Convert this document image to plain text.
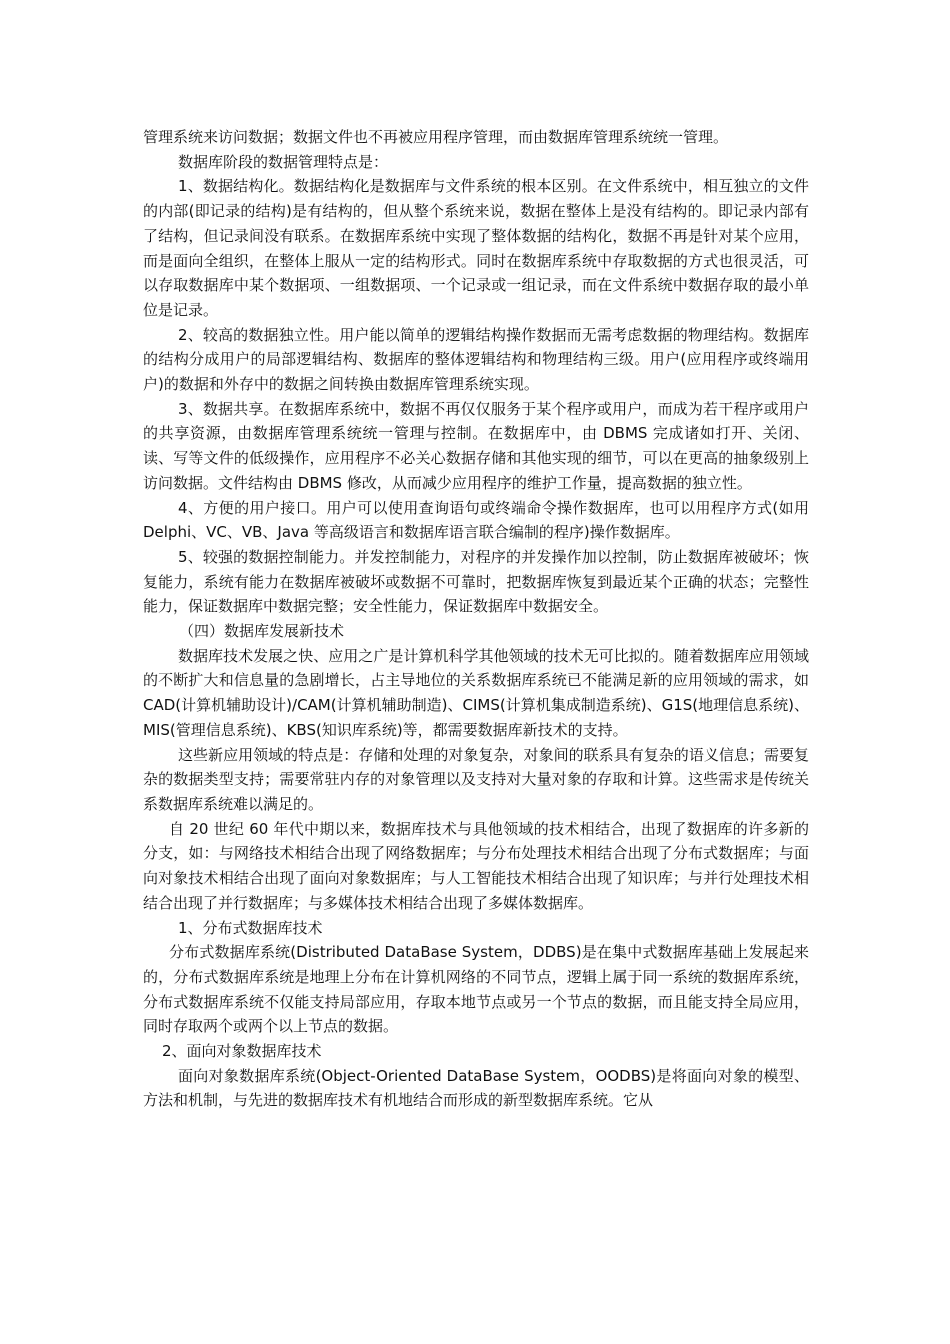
管理系统来访问数据；数据文件也不再被应用程序管理，而由数据库管理系统统一管理。

数据库阶段的数据管理特点是：

1、数据结构化。数据结构化是数据库与文件系统的根本区别。在文件系统中，相互独立的文件的内部(即记录的结构)是有结构的，但从整个系统来说，数据在整体上是没有结构的。即记录内部有了结构，但记录间没有联系。在数据库系统中实现了整体数据的结构化，数据不再是针对某个应用，而是面向全组织，在整体上服从一定的结构形式。同时在数据库系统中存取数据的方式也很灵活，可以存取数据库中某个数据项、一组数据项、一个记录或一组记录，而在文件系统中数据存取的最小单位是记录。

2、较高的数据独立性。用户能以简单的逻辑结构操作数据而无需考虑数据的物理结构。数据库的结构分成用户的局部逻辑结构、数据库的整体逻辑结构和物理结构三级。用户(应用程序或终端用户)的数据和外存中的数据之间转换由数据库管理系统实现。

3、数据共享。在数据库系统中，数据不再仅仅服务于某个程序或用户，而成为若干程序或用户的共享资源，由数据库管理系统统一管理与控制。在数据库中，由 DBMS 完成诸如打开、关闭、读、写等文件的低级操作，应用程序不必关心数据存储和其他实现的细节，可以在更高的抽象级别上访问数据。文件结构由 DBMS 修改，从而减少应用程序的维护工作量，提高数据的独立性。

4、方便的用户接口。用户可以使用查询语句或终端命令操作数据库，也可以用程序方式(如用 Delphi、VC、VB、Java 等高级语言和数据库语言联合编制的程序)操作数据库。

5、较强的数据控制能力。并发控制能力，对程序的并发操作加以控制，防止数据库被破坏；恢复能力，系统有能力在数据库被破坏或数据不可靠时，把数据库恢复到最近某个正确的状态；完整性能力，保证数据库中数据完整；安全性能力，保证数据库中数据安全。

（四）数据库发展新技术

数据库技术发展之快、应用之广是计算机科学其他领域的技术无可比拟的。随着数据库应用领域的不断扩大和信息量的急剧增长，占主导地位的关系数据库系统已不能满足新的应用领域的需求，如 CAD(计算机辅助设计)/CAM(计算机辅助制造)、CIMS(计算机集成制造系统)、G1S(地理信息系统)、MIS(管理信息系统)、KBS(知识库系统)等，都需要数据库新技术的支持。

这些新应用领域的特点是：存储和处理的对象复杂，对象间的联系具有复杂的语义信息；需要复杂的数据类型支持；需要常驻内存的对象管理以及支持对大量对象的存取和计算。这些需求是传统关系数据库系统难以满足的。

自 20 世纪 60 年代中期以来，数据库技术与具他领域的技术相结合，出现了数据库的许多新的分支，如：与网络技术相结合出现了网络数据库；与分布处理技术相结合出现了分布式数据库；与面向对象技术相结合出现了面向对象数据库；与人工智能技术相结合出现了知识库；与并行处理技术相结合出现了并行数据库；与多媒体技术相结合出现了多媒体数据库。

1、分布式数据库技术

分布式数据库系统(Distributed DataBase System，DDBS)是在集中式数据库基础上发展起来的，分布式数据库系统是地理上分布在计算机网络的不同节点，逻辑上属于同一系统的数据库系统，分布式数据库系统不仅能支持局部应用，存取本地节点或另一个节点的数据，而且能支持全局应用，同时存取两个或两个以上节点的数据。

2、面向对象数据库技术

面向对象数据库系统(Object-Oriented DataBase System，OODBS)是将面向对象的模型、方法和机制，与先进的数据库技术有机地结合而形成的新型数据库系统。它从
